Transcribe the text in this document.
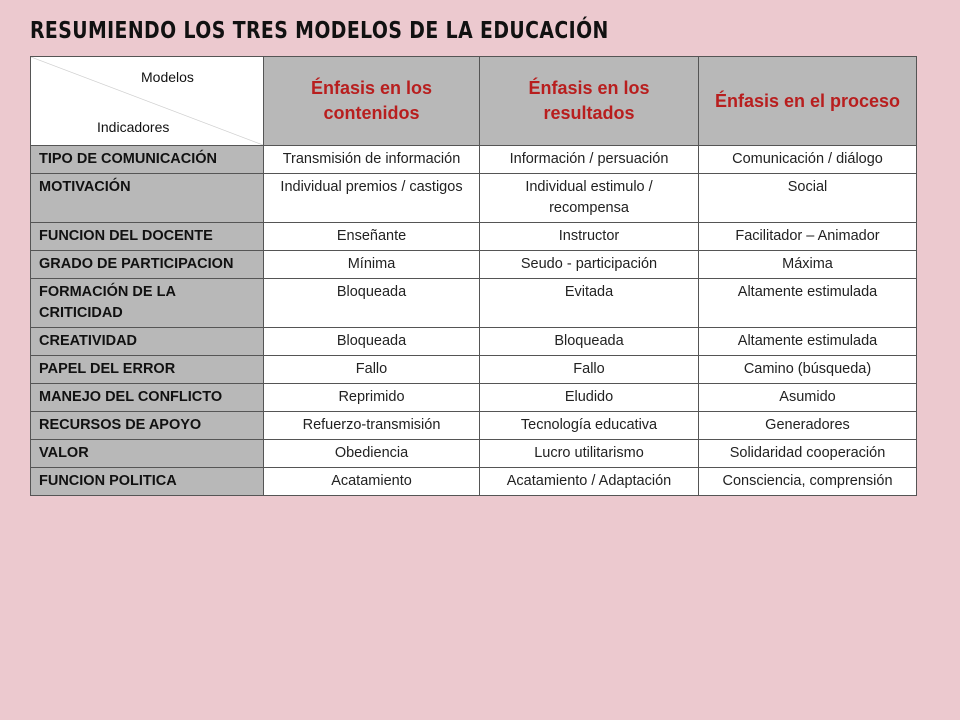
RESUMIENDO LOS TRES MODELOS DE LA EDUCACIÓN
Modelos
Indicadores	Énfasis en los contenidos	Énfasis en los resultados	Énfasis en el proceso
TIPO DE COMUNICACIÓN	Transmisión de información	Información / persuación	Comunicación / diálogo
MOTIVACIÓN	Individual premios / castigos	Individual estimulo / recompensa	Social
FUNCION DEL DOCENTE	Enseñante	Instructor	Facilitador – Animador
GRADO DE PARTICIPACION	Mínima	Seudo - participación	Máxima
FORMACIÓN DE LA CRITICIDAD	Bloqueada	Evitada	Altamente estimulada
CREATIVIDAD	Bloqueada	Bloqueada	Altamente estimulada
PAPEL DEL ERROR	Fallo	Fallo	Camino (búsqueda)
MANEJO DEL CONFLICTO	Reprimido	Eludido	Asumido
RECURSOS DE APOYO	Refuerzo-transmisión	Tecnología educativa	Generadores
VALOR	Obediencia	Lucro utilitarismo	Solidaridad cooperación
FUNCION POLITICA	Acatamiento	Acatamiento / Adaptación	Consciencia, comprensión
